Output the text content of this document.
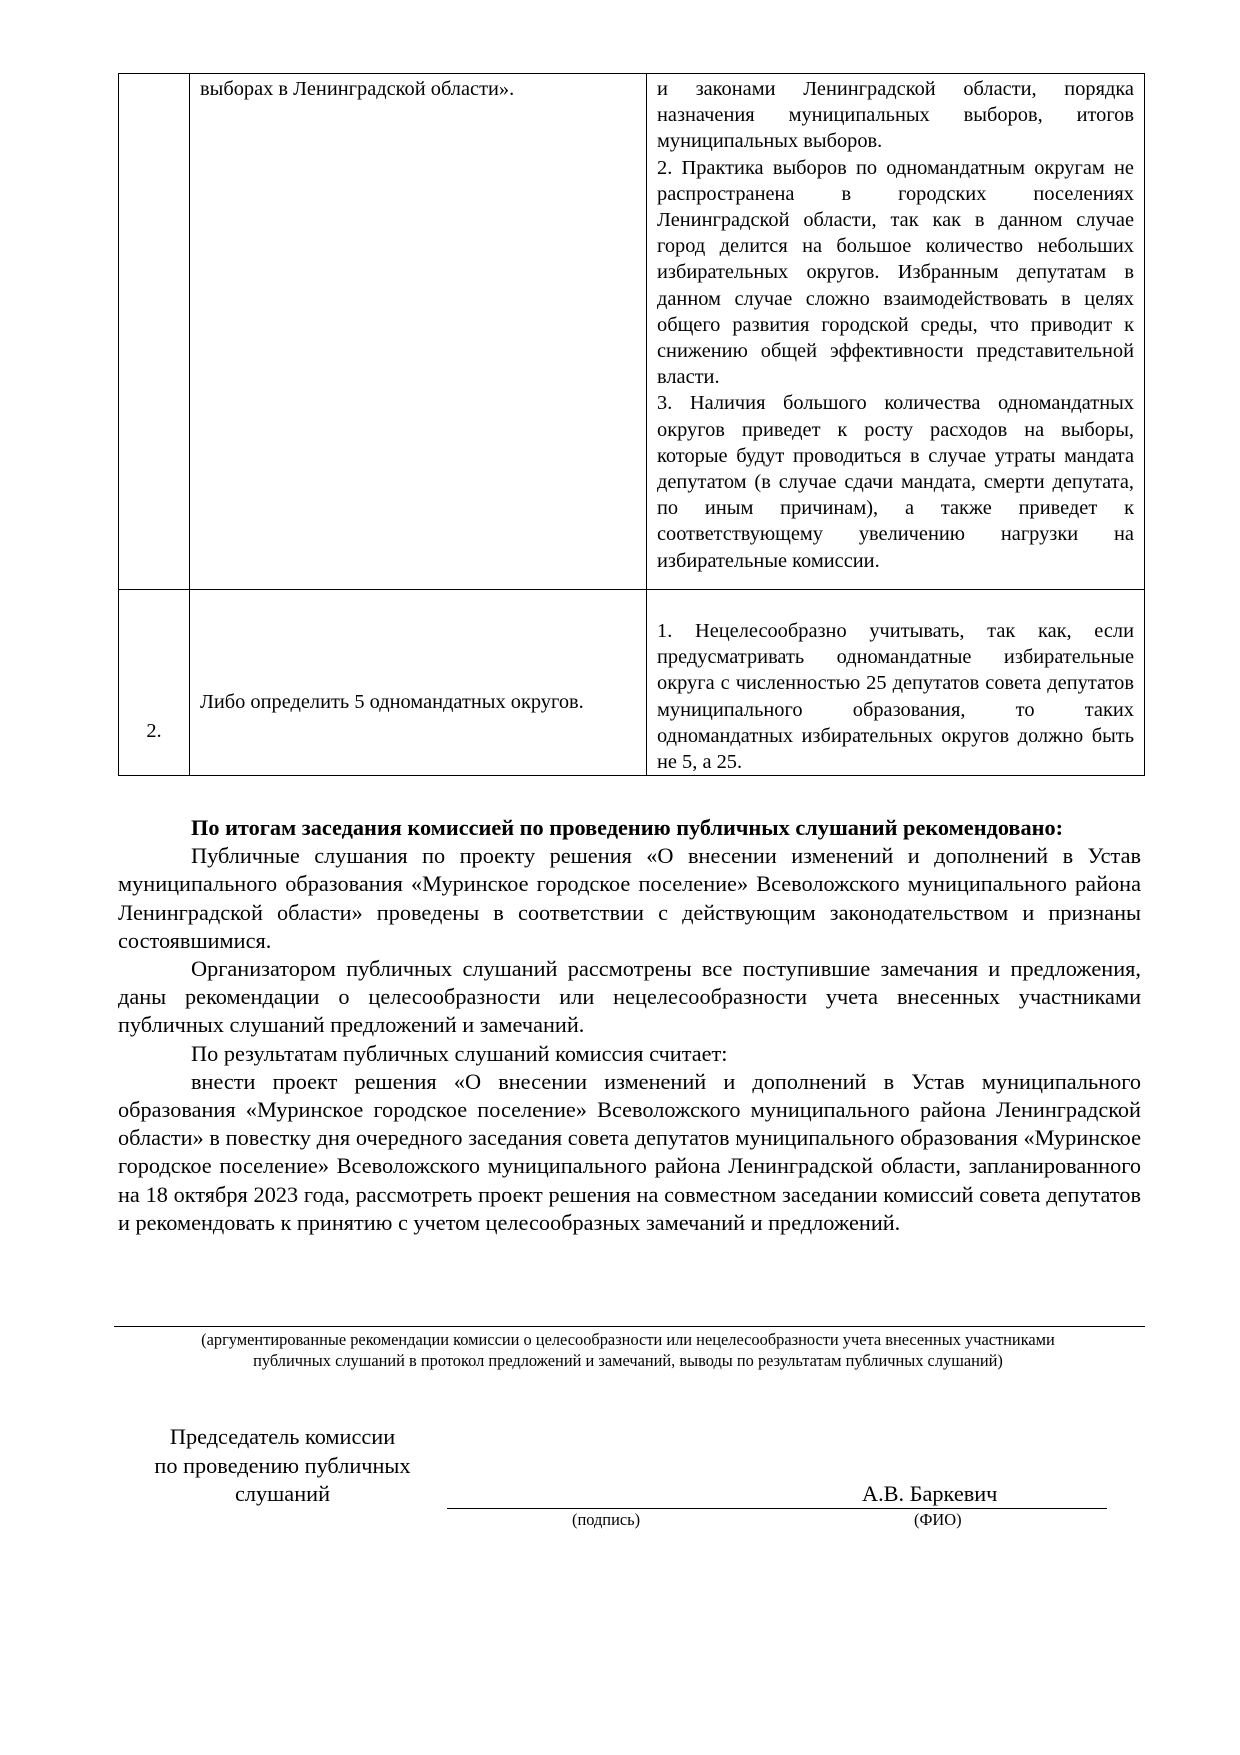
	выборах в Ленинградской области».	и законами Ленинградской области, порядка назначения муниципальных выборов, итогов муниципальных выборов.
2. Практика выборов по одномандатным округам не распространена в городских поселениях Ленинградской области, так как в данном случае город делится на большое количество небольших избирательных округов. Избранным депутатам в данном случае сложно взаимодействовать в целях общего развития городской среды, что приводит к снижению общей эффективности представительной власти.
3. Наличия большого количества одномандатных округов приведет к росту расходов на выборы, которые будут проводиться в случае утраты мандата депутатом (в случае сдачи мандата, смерти депутата, по иным причинам), а также приведет к соответствующему увеличению нагрузки на избирательные комиссии.

2.	Либо определить 5 одномандатных округов.	1. Нецелесообразно учитывать, так как, если предусматривать одномандатные избирательные округа с численностью 25 депутатов совета депутатов муниципального образования, то таких одномандатных избирательных округов должно быть не 5, а 25.

По итогам заседания комиссией по проведению публичных слушаний рекомендовано:

Публичные слушания по проекту решения «О внесении изменений и дополнений в Устав муниципального образования «Муринское городское поселение» Всеволожского муниципального района Ленинградской области» проведены в соответствии с действующим законодательством и признаны состоявшимися.

Организатором публичных слушаний рассмотрены все поступившие замечания и предложения, даны рекомендации о целесообразности или нецелесообразности учета внесенных участниками публичных слушаний предложений и замечаний.

По результатам публичных слушаний комиссия считает:

внести проект решения «О внесении изменений и дополнений в Устав муниципального образования «Муринское городское поселение» Всеволожского муниципального района Ленинградской области» в повестку дня очередного заседания совета депутатов муниципального образования «Муринское городское поселение» Всеволожского муниципального района Ленинградской области, запланированного на 18 октября 2023 года, рассмотреть проект решения на совместном заседании комиссий совета депутатов и рекомендовать к принятию с учетом целесообразных замечаний и предложений.

(аргументированные рекомендации комиссии о целесообразности или нецелесообразности учета внесенных участниками
публичных слушаний в протокол предложений и замечаний, выводы по результатам публичных слушаний)
Председатель комиссии
по проведению публичных
слушаний	А.В. Баркевич
(подпись)	(ФИО)
